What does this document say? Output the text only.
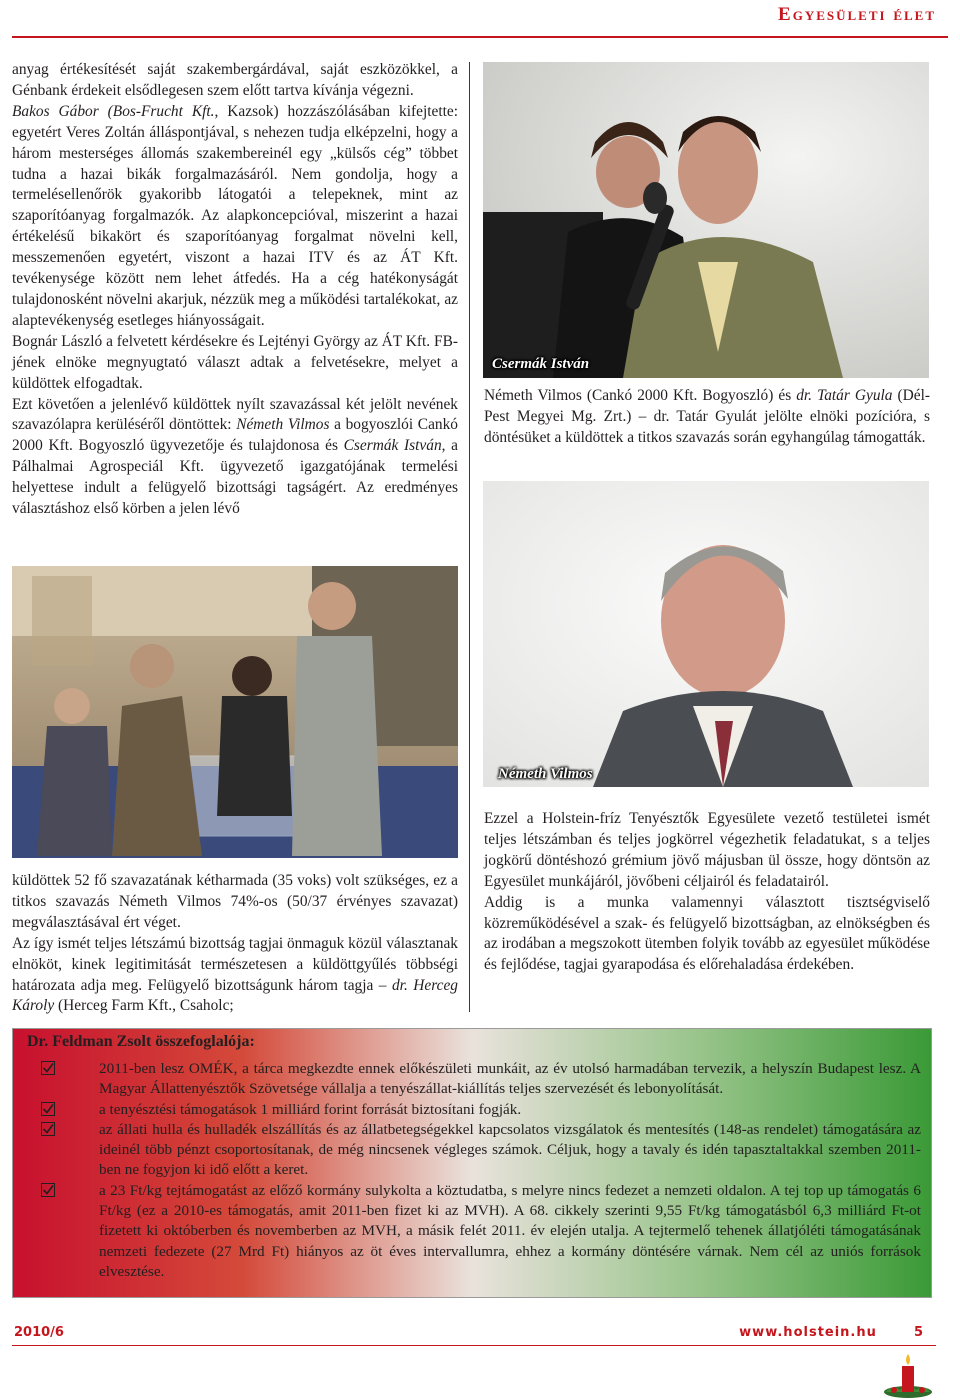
Egyesületi élet

anyag értékesítését saját szakembergárdával, saját eszközökkel, a Génbank érdekeit elsődlegesen szem előtt tartva kívánja végezni.

Bakos Gábor (Bos-Frucht Kft., Kazsok) hozzászólásában kifejtette: egyetért Veres Zoltán álláspontjával, s nehezen tudja elképzelni, hogy a három mesterséges állomás szakembereinél egy „külsős cég” többet tudna a hazai bikák forgalmazásáról. Nem gondolja, hogy a termelésellenőrök gyakoribb látogatói a telepeknek, mint az szaporítóanyag forgalmazók. Az alapkoncepcióval, miszerint a hazai értékelésű bikakört és szaporítóanyag forgalmat növelni kell, messzemenően egyetért, viszont a hazai ITV és az ÁT Kft. tevékenysége között nem lehet átfedés. Ha a cég hatékonyságát tulajdonosként növelni akarjuk, nézzük meg a működési tartalékokat, az alaptevékenység esetleges hiányosságait.

Bognár László a felvetett kérdésekre és Lejtényi György az ÁT Kft. FB-jének elnöke megnyugtató választ adtak a felvetésekre, melyet a küldöttek elfogadtak.

Ezt követően a jelenlévő küldöttek nyílt szavazással két jelölt nevének szavazólapra kerüléséről döntöttek: Németh Vilmos a bogyoszlói Cankó 2000 Kft. Bogyoszló ügyvezetője és tulajdonosa és Csermák István, a Pálhalmai Agrospeciál Kft. ügyvezető igazgatójának termelési helyettese indult a felügyelő bizottsági tagságért. Az eredményes választáshoz első körben a jelen lévő

küldöttek 52 fő szavazatának kétharmada (35 voks) volt szükséges, ez a titkos szavazás Németh Vilmos 74%-os (50/37 érvényes szavazat) megválasztásával ért véget.

Az így ismét teljes létszámú bizottság tagjai önmaguk közül választanak elnököt, kinek legitimitását természetesen a küldöttgyűlés többségi határozata adja meg. Felügyelő bizottságunk három tagja – dr. Herceg Károly (Herceg Farm Kft., Csaholc;

Csermák István

Németh Vilmos (Cankó 2000 Kft. Bogyoszló) és dr. Tatár Gyula (Dél-Pest Megyei Mg. Zrt.) – dr. Tatár Gyulát jelölte elnöki pozícióra, s döntésüket a küldöttek a titkos szavazás során egyhangúlag támogatták.

Németh Vilmos

Ezzel a Holstein-fríz Tenyésztők Egyesülete vezető testületei ismét teljes létszámban és teljes jogkörrel végezhetik feladatukat, s a teljes jogkörű döntéshozó grémium jövő májusban ül össze, hogy döntsön az Egyesület munkájáról, jövőbeni céljairól és feladatairól.

Addig is a munka valamennyi választott tisztségviselő közreműködésével a szak- és felügyelő bizottságban, az elnökségben és az irodában a megszokott ütemben folyik tovább az egyesület működése és fejlődése, tagjai gyarapodása és előrehaladása érdekében.

Dr. Feldman Zsolt összefoglalója:
2011-ben lesz OMÉK, a tárca megkezdte ennek előkészületi munkáit, az év utolsó harmadában tervezik, a helyszín Budapest lesz. A Magyar Állattenyésztők Szövetsége vállalja a tenyészállat-kiállítás teljes szervezését és lebonyolítását.
a tenyésztési támogatások 1 milliárd forint forrását biztosítani fogják.
az állati hulla és hulladék elszállítás és az állatbetegségekkel kapcsolatos vizsgálatok és mentesítés (148-as rendelet) támogatására az ideinél több pénzt csoportosítanak, de még nincsenek végleges számok. Céljuk, hogy a tavaly és idén tapasztaltakkal szemben 2011-ben ne fogyjon ki idő előtt a keret.
a 23 Ft/kg tejtámogatást az előző kormány sulykolta a köztudatba, s melyre nincs fedezet a nemzeti oldalon. A tej top up támogatás 6 Ft/kg (ez a 2010-es támogatás, amit 2011-ben fizet ki az MVH). A 68. cikkely szerinti 9,55 Ft/kg támogatásból 6,3 milliárd Ft-ot fizetett ki októberben és novemberben az MVH, a másik felét 2011. év elején utalja. A tejtermelő tehenek állatjóléti támogatásának nemzeti fedezete (27 Mrd Ft) hiányos az öt éves intervallumra, ehhez a kormány döntésére várnak. Nem cél az uniós források elvesztése.
2010/6	www.holstein.hu	5
